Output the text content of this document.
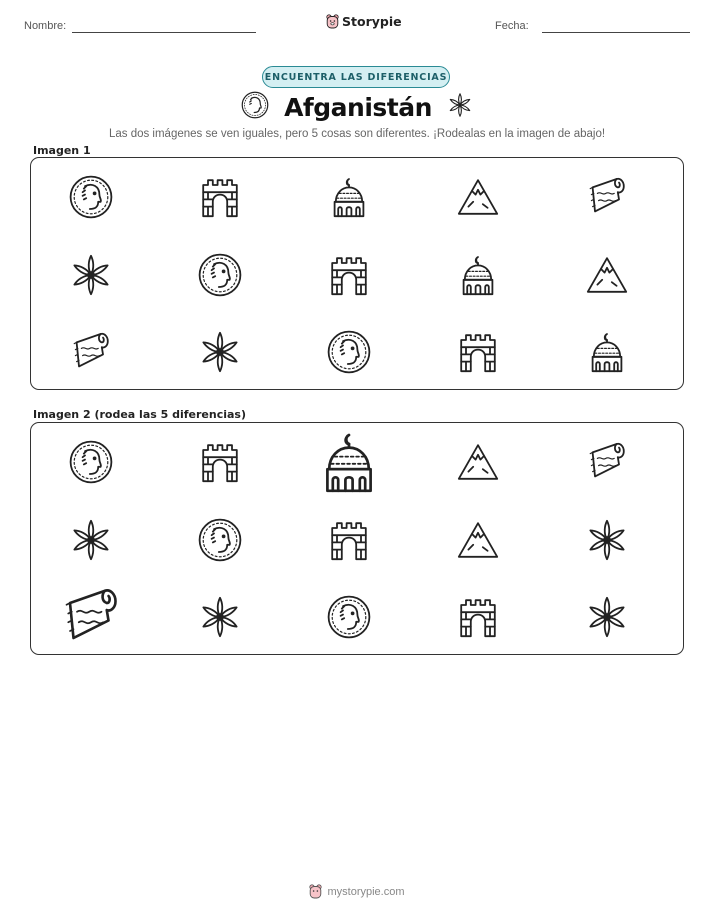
Nombre:	Storypie	Fecha:
ENCUENTRA LAS DIFERENCIAS
Afganistán
Las dos imágenes se ven iguales, pero 5 cosas son diferentes. ¡Rodealas en la imagen de abajo!
Imagen 1
Imagen 2 (rodea las 5 diferencias)
mystorypie.com
